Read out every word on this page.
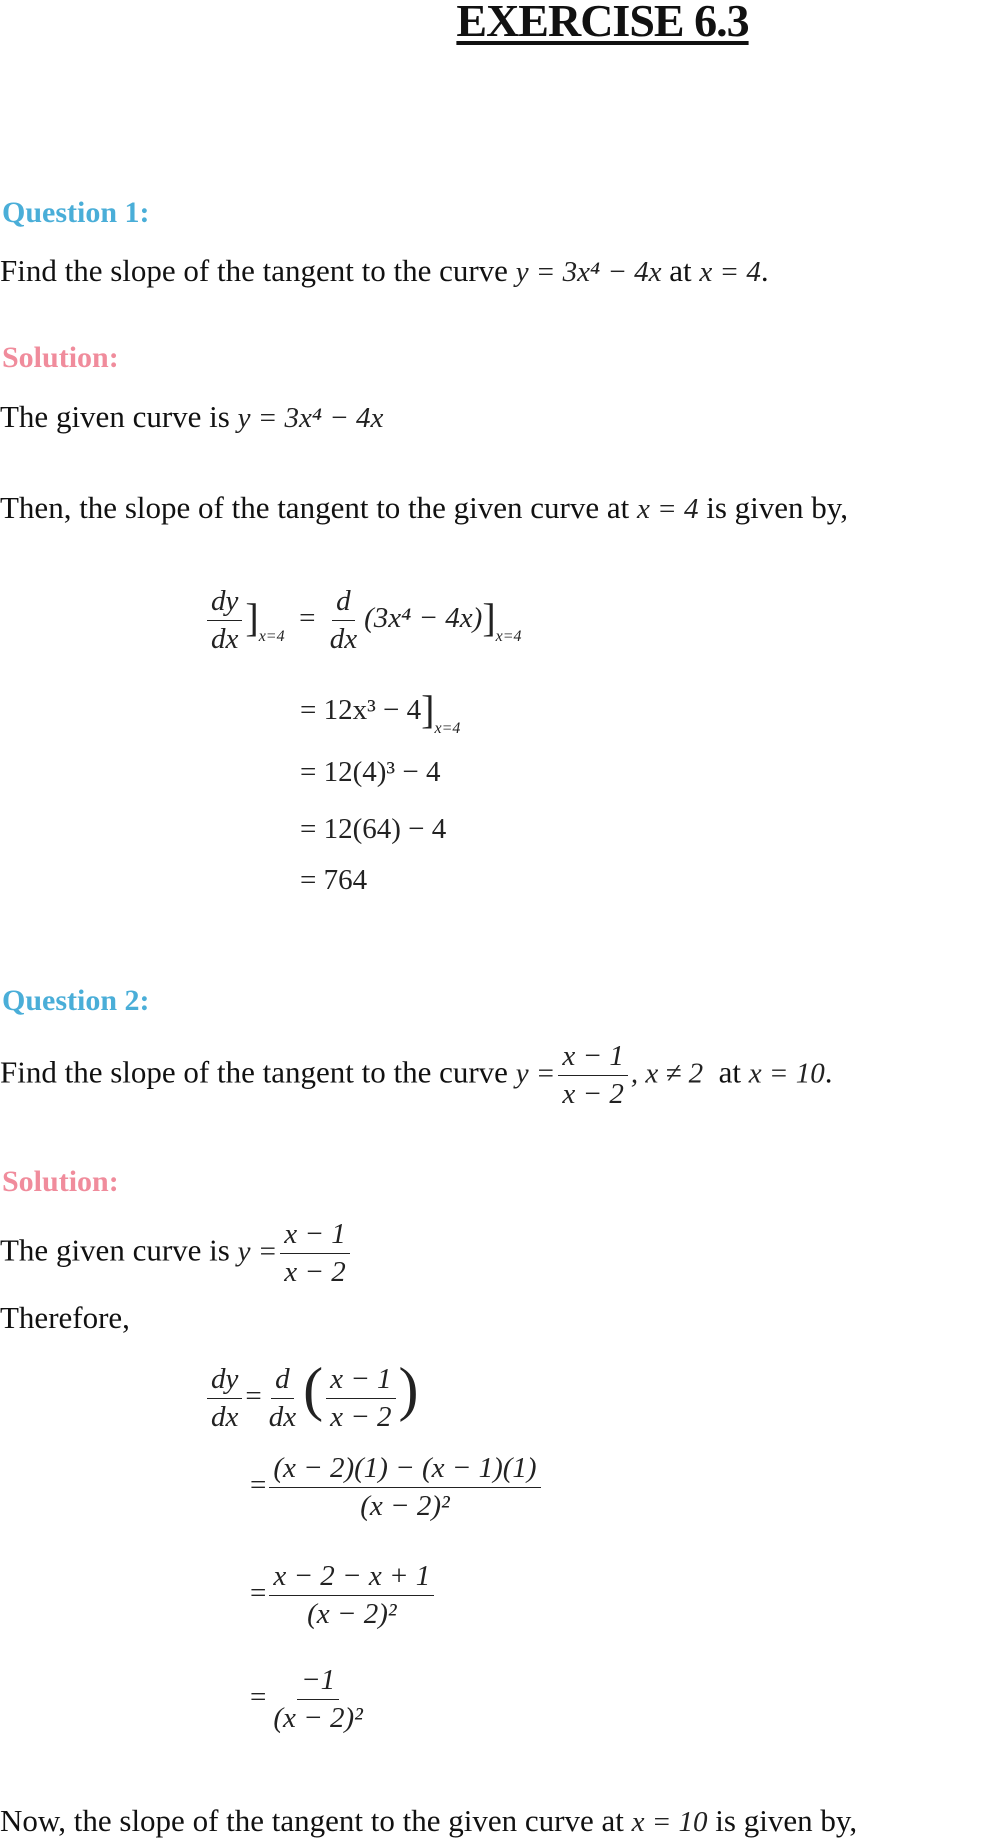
EXERCISE 6.3
Question 1:
Find the slope of the tangent to the curve y = 3x⁴ − 4x at x = 4.
Solution:
The given curve is y = 3x⁴ − 4x
Then, the slope of the tangent to the given curve at x = 4 is given by,
$\frac{dy}{dx} ]_{x=4} = \frac{d}{dx} (3x^4 - 4x)]_{x=4}$
= $12x^3 - 4]_{x=4}$
= 12(4)³ − 4
= 12(64) − 4
= 764
Question 2:
Find the slope of the tangent to the curve $y = \frac{x - 1}{x - 2}$ , x ≠ 2 at x = 10.
Solution:
The given curve is $y = \frac{x - 1}{x - 2}$
Therefore,
$\frac{dy}{dx} = \frac{d}{dx}$ ( $\frac{x - 1}{x - 2}$ )
= $\frac{(x - 2)(1) - (x - 1)(1)}{\text{(x − 2)²}}$
= $\frac{x - 2 - x + 1}{\text{(x − 2)²}}$
= $\frac{-1}{\text{(x − 2)²}}$
Now, the slope of the tangent to the given curve at x = 10 is given by,
